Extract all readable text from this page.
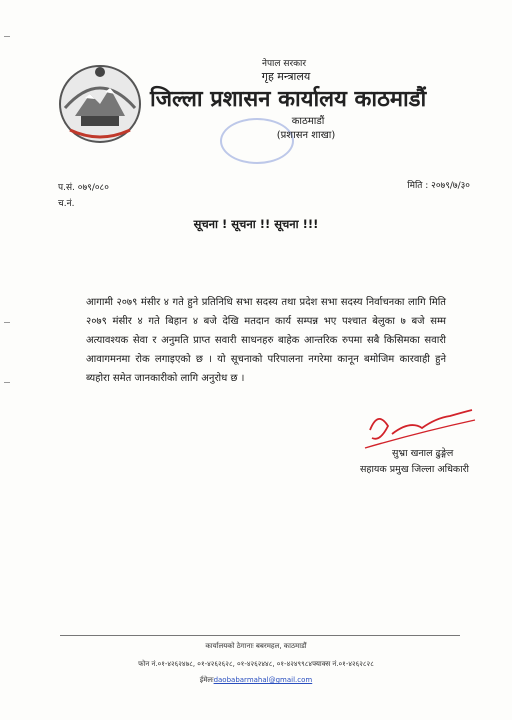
नेपाल सरकार
गृह मन्त्रालय
जिल्ला प्रशासन कार्यालय काठमाडौं
काठमाडौं
(प्रशासन शाखा)
प.सं. ०७९/०८०
च.नं.
मिति : २०७९/७/३०
सूचना ! सूचना !! सूचना !!!
आगामी २०७९ मंसीर ४ गते हुने प्रतिनिधि सभा सदस्य तथा प्रदेश सभा सदस्य निर्वाचनका लागि मिति २०७९ मंसीर ४ गते बिहान ४ बजे देखि मतदान कार्य सम्पन्न भए पश्चात बेलुका ७ बजे सम्म अत्यावश्यक सेवा र अनुमति प्राप्त सवारी साधनहरु बाहेक आन्तरिक रुपमा सबै किसिमका सवारी आवागमनमा रोक लगाइएको छ । यो सूचनाको परिपालना नगरेमा कानून बमोजिम कारवाही हुने ब्यहोरा समेत जानकारीको लागि अनुरोध छ ।
सुभ्रा खनाल ढुङ्गेल
सहायक प्रमुख जिल्ला अधिकारी
कार्यालयको ठेगानाः बबरमहल, काठमाडौं
फोन नं.०१-४२६२४७८, ०१-४२६२६२८, ०१-४२६२४४८, ०१-४२४९९८४फ्याक्स नं.०१-४२६२८२८
ईमेलःdaobabarmahal@gmail.com
